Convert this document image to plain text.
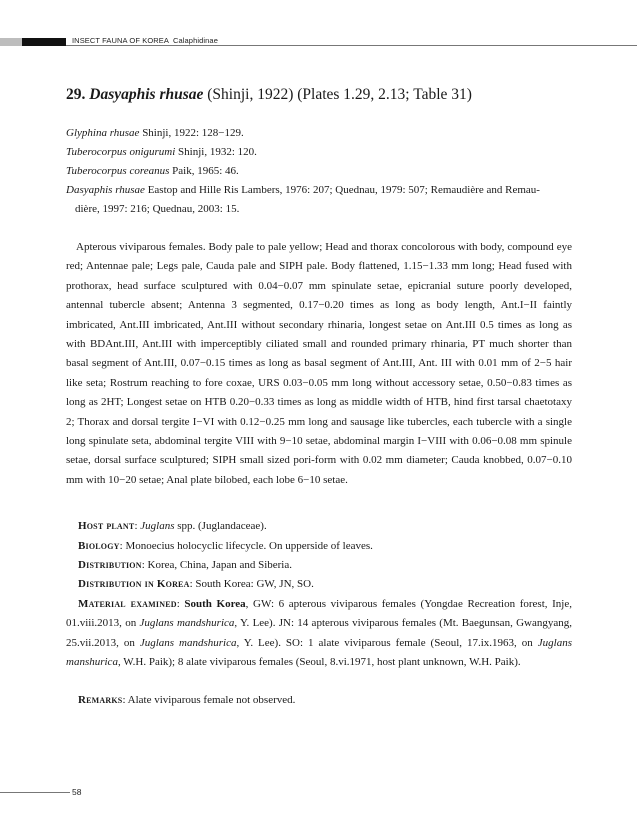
INSECT FAUNA OF KOREA Calaphidinae
29. Dasyaphis rhusae (Shinji, 1922) (Plates 1.29, 2.13; Table 31)
Glyphina rhusae Shinji, 1922: 128−129.
Tuberocorpus onigurumi Shinji, 1932: 120.
Tuberocorpus coreanus Paik, 1965: 46.
Dasyaphis rhusae Eastop and Hille Ris Lambers, 1976: 207; Quednau, 1979: 507; Remaudière and Remau-
dière, 1997: 216; Quednau, 2003: 15.
Apterous viviparous females. Body pale to pale yellow; Head and thorax concolorous with body, compound eye red; Antennae pale; Legs pale, Cauda pale and SIPH pale. Body flattened, 1.15−1.33 mm long; Head fused with prothorax, head surface sculptured with 0.04−0.07 mm spinulate setae, epicranial suture poorly developed, antennal tubercle absent; Antenna 3 segmented, 0.17−0.20 times as long as body length, Ant.I−II faintly imbricated, Ant.III imbricated, Ant.III without secondary rhinaria, longest setae on Ant.III 0.5 times as long as with BDAnt.III, Ant.III with imperceptibly ciliated small and rounded primary rhinaria, PT much shorter than basal segment of Ant.III, 0.07−0.15 times as long as basal segment of Ant.III, Ant. III with 0.01 mm of 2−5 hair like seta; Rostrum reaching to fore coxae, URS 0.03−0.05 mm long without accessory setae, 0.50−0.83 times as long as 2HT; Longest setae on HTB 0.20−0.33 times as long as middle width of HTB, hind first tarsal chaetotaxy 2; Thorax and dorsal tergite I−VI with 0.12−0.25 mm long and sausage like tubercles, each tubercle with a single long spinulate seta, abdominal tergite VIII with 9−10 setae, abdominal margin I−VIII with 0.06−0.08 mm spinule setae, dorsal surface sculptured; SIPH small sized pori-form with 0.02 mm diameter; Cauda knobbed, 0.07−0.10 mm with 10−20 setae; Anal plate bilobed, each lobe 6−10 setae.
Host plant: Juglans spp. (Juglandaceae).
Biology: Monoecius holocyclic lifecycle. On upperside of leaves.
Distribution: Korea, China, Japan and Siberia.
Distribution in Korea: South Korea: GW, JN, SO.
Material examined: South Korea, GW: 6 apterous viviparous females (Yongdae Recreation forest, Inje, 01.viii.2013, on Juglans mandshurica, Y. Lee). JN: 14 apterous viviparous females (Mt. Baegunsan, Gwangyang, 25.vii.2013, on Juglans mandshurica, Y. Lee). SO: 1 alate viviparous female (Seoul, 17.ix.1963, on Juglans manshurica, W.H. Paik); 8 alate viviparous females (Seoul, 8.vi.1971, host plant unknown, W.H. Paik).
Remarks: Alate viviparous female not observed.
58
